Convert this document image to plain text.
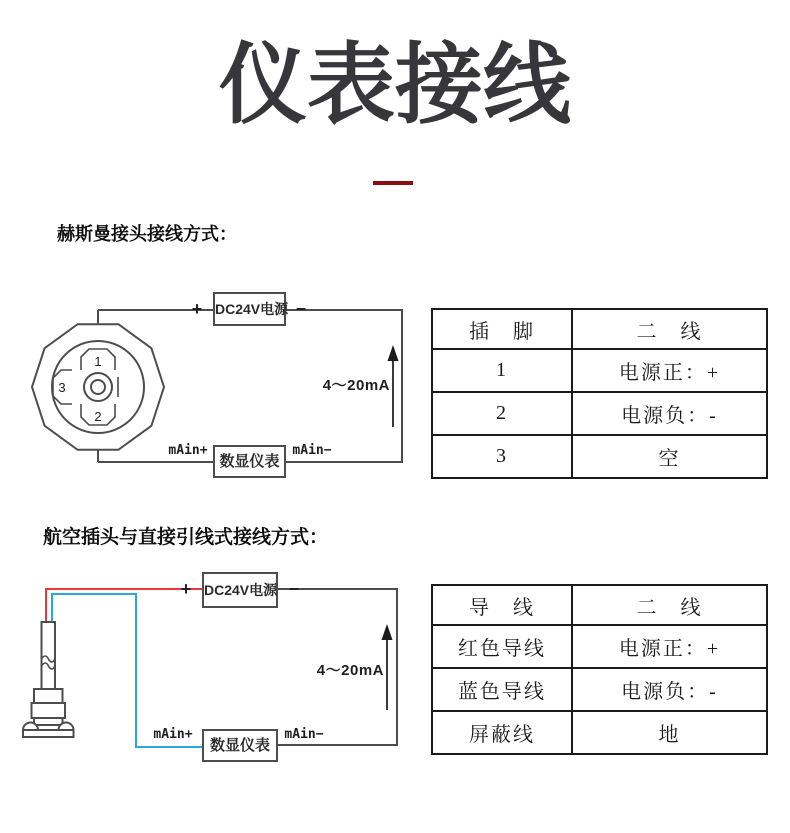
仪表接线
赫斯曼接头接线方式：
1
2
3
DC24V电源
数显仪表
+	−
mAin+	mAin−
4～20mA
插　脚	二　线
1	电源正：+
2	电源负：-
3	空
航空插头与直接引线式接线方式：
DC24V电源
数显仪表
+	−
mAin+	mAin−
4～20mA
导　线	二　线
红色导线	电源正：+
蓝色导线	电源负：-
屏蔽线	地
